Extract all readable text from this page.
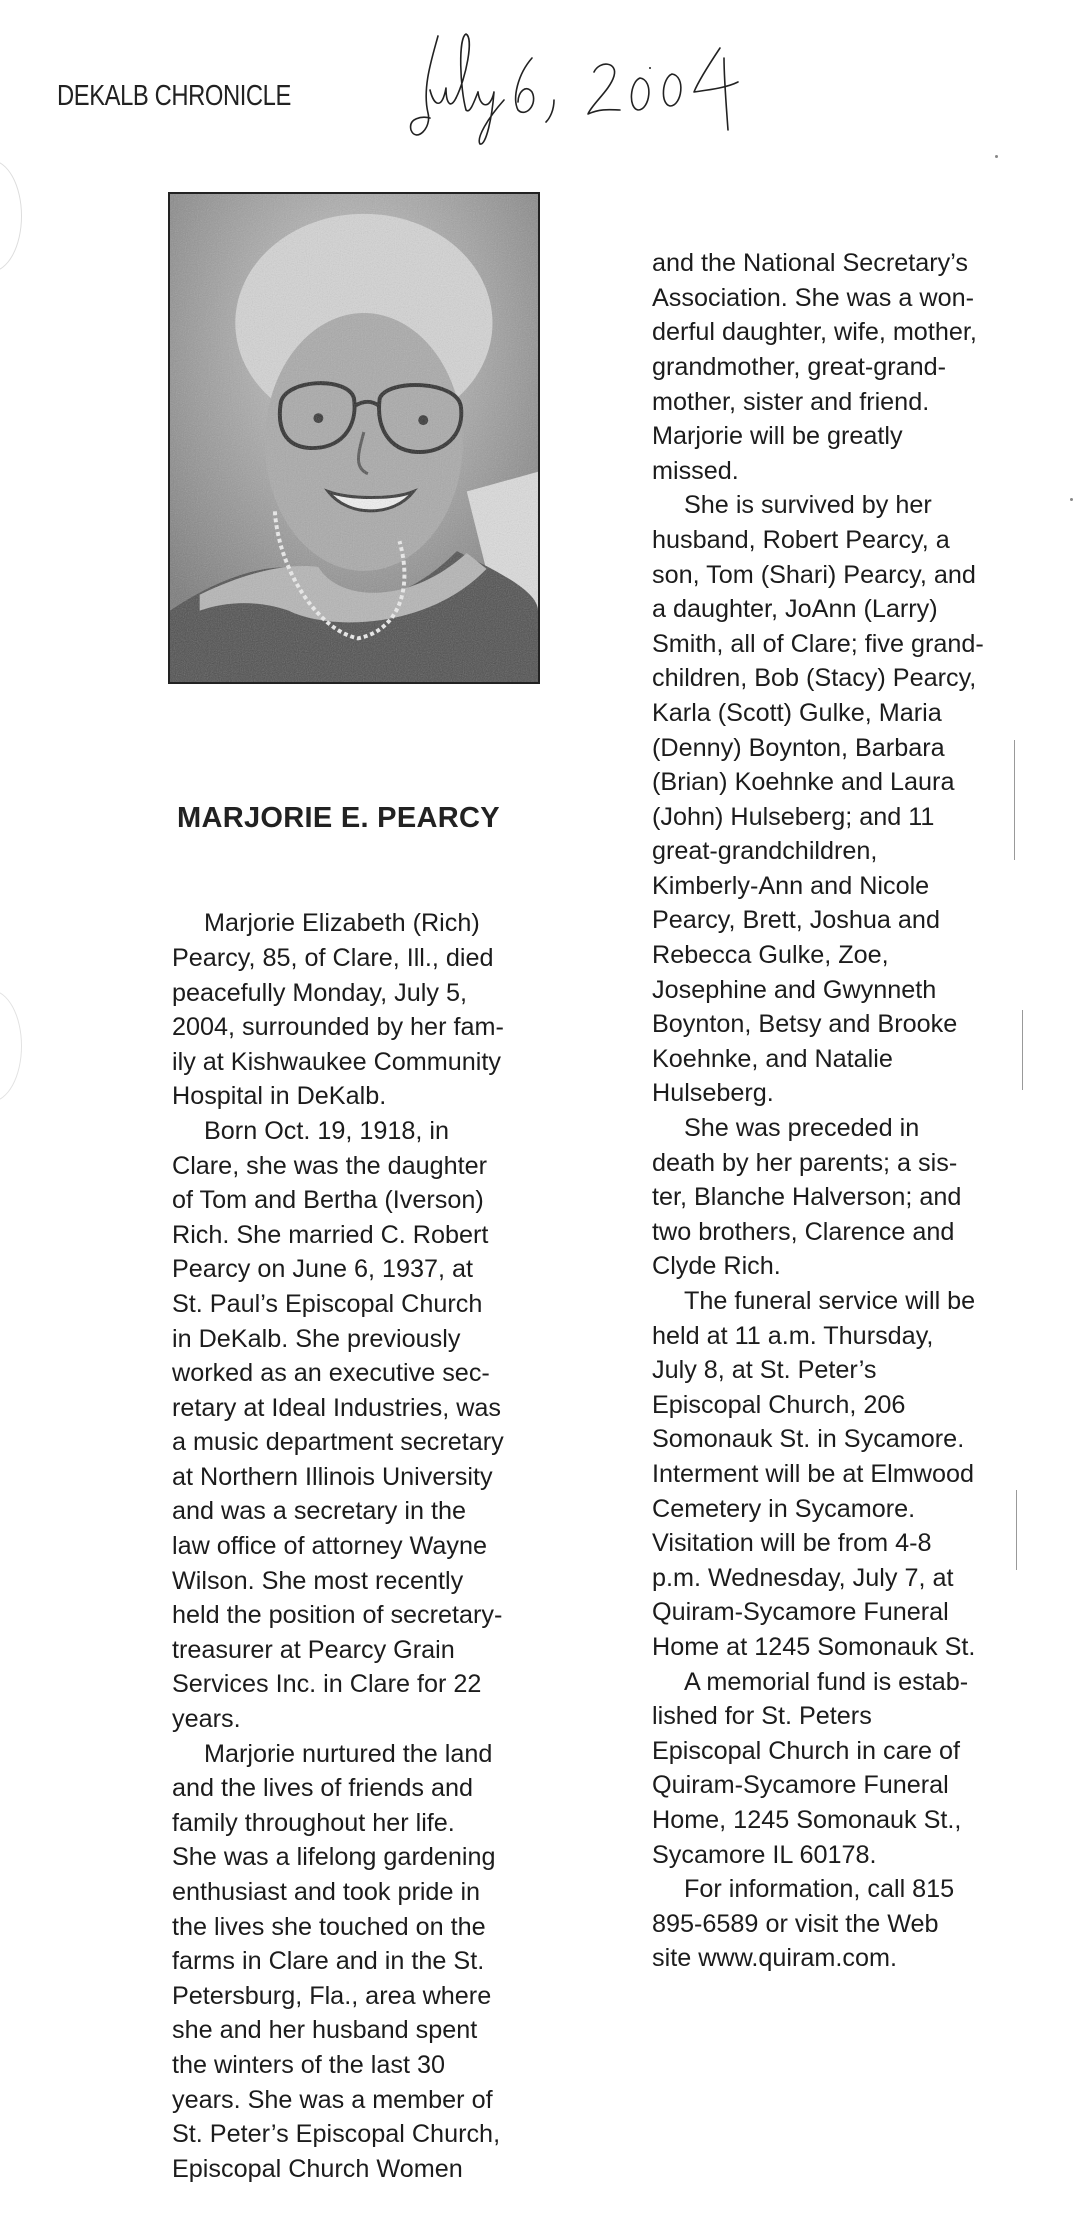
DEKALB CHRONICLE

MARJORIE E. PEARCY

Marjorie Elizabeth (Rich)
Pearcy, 85, of Clare, Ill., died
peacefully Monday, July 5,
2004, surrounded by her fam-
ily at Kishwaukee Community
Hospital in DeKalb.
Born Oct. 19, 1918, in
Clare, she was the daughter
of Tom and Bertha (Iverson)
Rich. She married C. Robert
Pearcy on June 6, 1937, at
St. Paul’s Episcopal Church
in DeKalb. She previously
worked as an executive sec-
retary at Ideal Industries, was
a music department secretary
at Northern Illinois University
and was a secretary in the
law office of attorney Wayne
Wilson. She most recently
held the position of secretary-
treasurer at Pearcy Grain
Services Inc. in Clare for 22
years.
Marjorie nurtured the land
and the lives of friends and
family throughout her life.
She was a lifelong gardening
enthusiast and took pride in
the lives she touched on the
farms in Clare and in the St.
Petersburg, Fla., area where
she and her husband spent
the winters of the last 30
years. She was a member of
St. Peter’s Episcopal Church,
Episcopal Church Women

and the National Secretary’s
Association. She was a won-
derful daughter, wife, mother,
grandmother, great-grand-
mother, sister and friend.
Marjorie will be greatly
missed.
She is survived by her
husband, Robert Pearcy, a
son, Tom (Shari) Pearcy, and
a daughter, JoAnn (Larry)
Smith, all of Clare; five grand-
children, Bob (Stacy) Pearcy,
Karla (Scott) Gulke, Maria
(Denny) Boynton, Barbara
(Brian) Koehnke and Laura
(John) Hulseberg; and 11
great-grandchildren,
Kimberly-Ann and Nicole
Pearcy, Brett, Joshua and
Rebecca Gulke, Zoe,
Josephine and Gwynneth
Boynton, Betsy and Brooke
Koehnke, and Natalie
Hulseberg.
She was preceded in
death by her parents; a sis-
ter, Blanche Halverson; and
two brothers, Clarence and
Clyde Rich.
The funeral service will be
held at 11 a.m. Thursday,
July 8, at St. Peter’s
Episcopal Church, 206
Somonauk St. in Sycamore.
Interment will be at Elmwood
Cemetery in Sycamore.
Visitation will be from 4-8
p.m. Wednesday, July 7, at
Quiram-Sycamore Funeral
Home at 1245 Somonauk St.
A memorial fund is estab-
lished for St. Peters
Episcopal Church in care of
Quiram-Sycamore Funeral
Home, 1245 Somonauk St.,
Sycamore IL 60178.
For information, call 815
895-6589 or visit the Web
site www.quiram.com.
